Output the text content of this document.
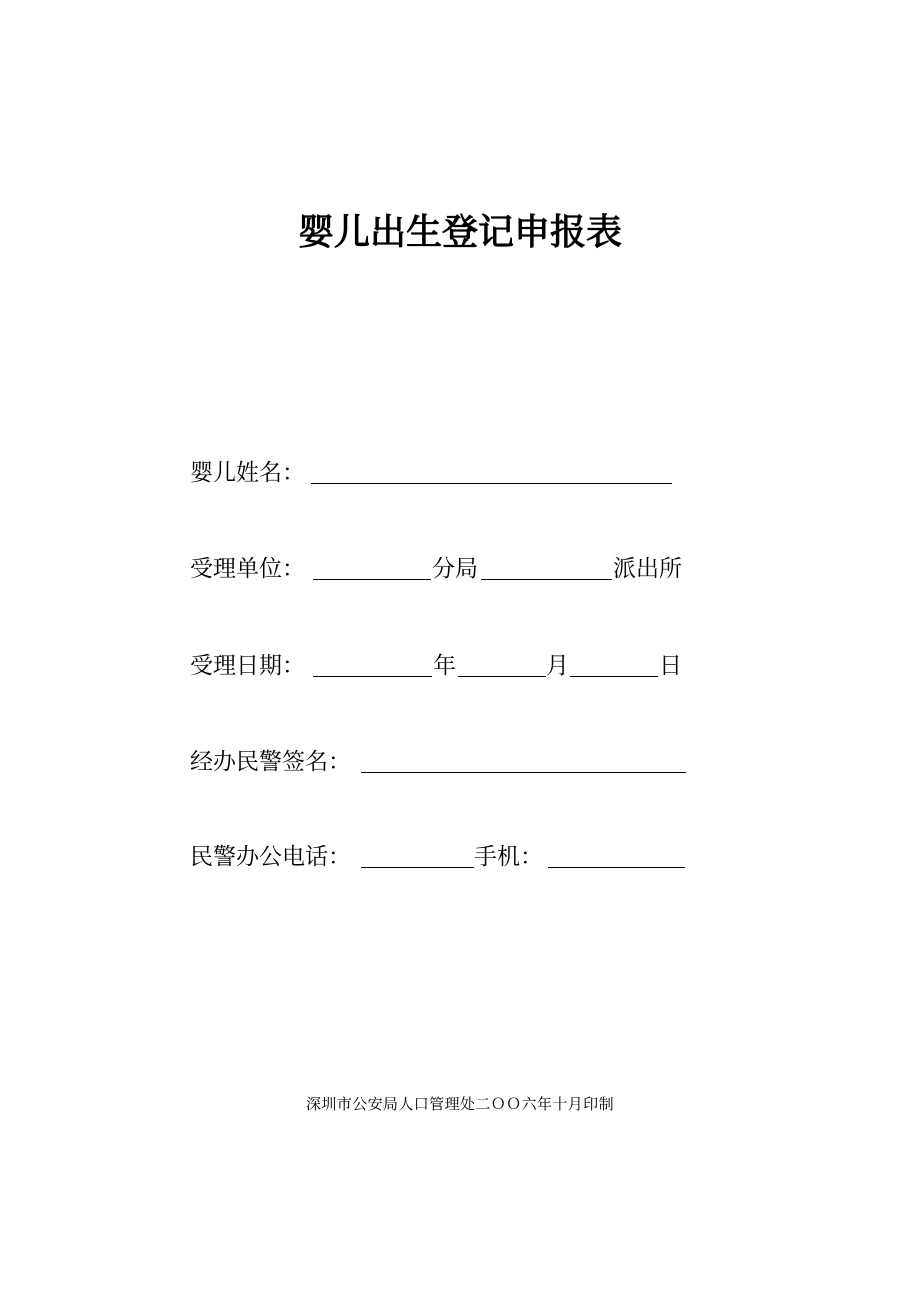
婴儿出生登记申报表
婴儿姓名：
受理单位：	分局	派出所
受理日期：	年	月	日
经办民警签名：
民警办公电话：	手机：
深圳市公安局人口管理处二ＯＯ六年十月印制
